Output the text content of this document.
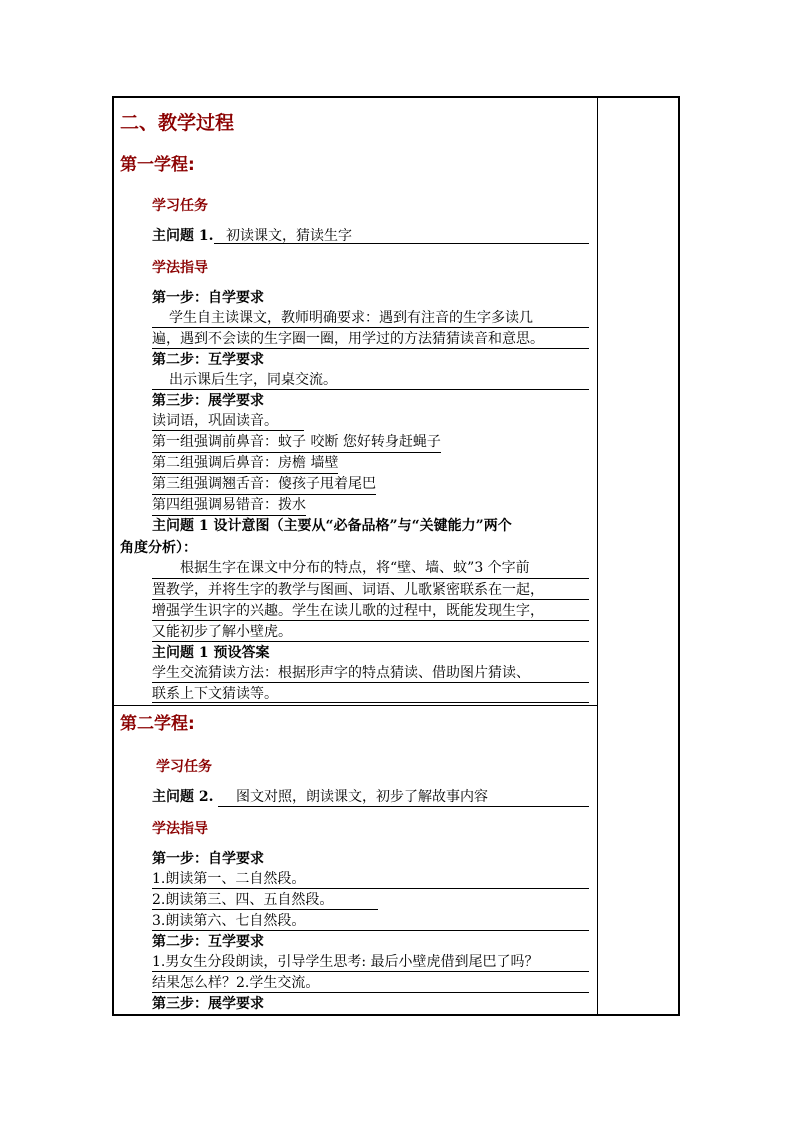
二、教学过程
第一学程:
学习任务
主问题 1. 初读课文，猜读生字
学法指导
第一步：自学要求
学生自主读课文，教师明确要求：遇到有注音的生字多读几
遍，遇到不会读的生字圈一圈，用学过的方法猜猜读音和意思。
第二步：互学要求
出示课后生字，同桌交流。
第三步：展学要求
读词语，巩固读音。
第一组强调前鼻音：蚊子 咬断 您好转身赶蝇子
第二组强调后鼻音：房檐 墙壁
第三组强调翘舌音：傻孩子甩着尾巴
第四组强调易错音：拨水
主问题 1 设计意图（主要从“必备品格”与“关键能力”两个
角度分析）：
根据生字在课文中分布的特点，将“壁、墙、蚊”3 个字前
置教学，并将生字的教学与图画、词语、儿歌紧密联系在一起，
增强学生识字的兴趣。学生在读儿歌的过程中，既能发现生字，
又能初步了解小壁虎。
主问题 1 预设答案
学生交流猜读方法：根据形声字的特点猜读、借助图片猜读、
联系上下文猜读等。
第二学程:
学习任务
主问题 2. 图文对照，朗读课文，初步了解故事内容
学法指导
第一步：自学要求
1.朗读第一、二自然段。
2.朗读第三、四、五自然段。
3.朗读第六、七自然段。
第二步：互学要求
1.男女生分段朗读，引导学生思考: 最后小壁虎借到尾巴了吗？
结果怎么样？2.学生交流。
第三步：展学要求
